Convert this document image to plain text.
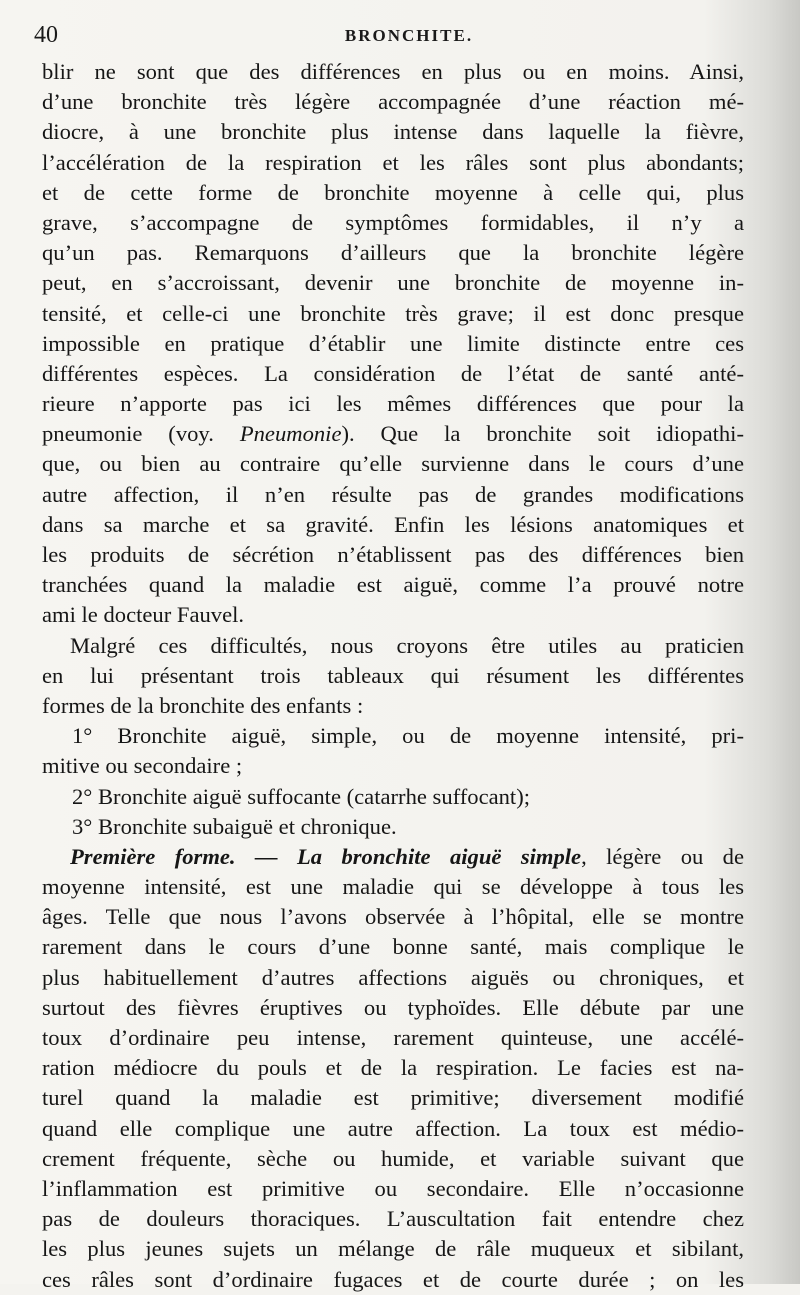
40	BRONCHITE.
blir ne sont que des différences en plus ou en moins. Ainsi,
d’une bronchite très légère accompagnée d’une réaction mé-
diocre, à une bronchite plus intense dans laquelle la fièvre,
l’accélération de la respiration et les râles sont plus abondants;
et de cette forme de bronchite moyenne à celle qui, plus
grave, s’accompagne de symptômes formidables, il n’y a
qu’un pas. Remarquons d’ailleurs que la bronchite légère
peut, en s’accroissant, devenir une bronchite de moyenne in-
tensité, et celle-ci une bronchite très grave; il est donc presque
impossible en pratique d’établir une limite distincte entre ces
différentes espèces. La considération de l’état de santé anté-
rieure n’apporte pas ici les mêmes différences que pour la
pneumonie (voy. Pneumonie). Que la bronchite soit idiopathi-
que, ou bien au contraire qu’elle survienne dans le cours d’une
autre affection, il n’en résulte pas de grandes modifications
dans sa marche et sa gravité. Enfin les lésions anatomiques et
les produits de sécrétion n’établissent pas des différences bien
tranchées quand la maladie est aiguë, comme l’a prouvé notre
ami le docteur Fauvel.
Malgré ces difficultés, nous croyons être utiles au praticien
en lui présentant trois tableaux qui résument les différentes
formes de la bronchite des enfants :
1° Bronchite aiguë, simple, ou de moyenne intensité, pri-
mitive ou secondaire ;
2° Bronchite aiguë suffocante (catarrhe suffocant);
3° Bronchite subaiguë et chronique.
Première forme. — La bronchite aiguë simple, légère ou de
moyenne intensité, est une maladie qui se développe à tous les
âges. Telle que nous l’avons observée à l’hôpital, elle se montre
rarement dans le cours d’une bonne santé, mais complique le
plus habituellement d’autres affections aiguës ou chroniques, et
surtout des fièvres éruptives ou typhoïdes. Elle débute par une
toux d’ordinaire peu intense, rarement quinteuse, une accélé-
ration médiocre du pouls et de la respiration. Le facies est na-
turel quand la maladie est primitive; diversement modifié
quand elle complique une autre affection. La toux est médio-
crement fréquente, sèche ou humide, et variable suivant que
l’inflammation est primitive ou secondaire. Elle n’occasionne
pas de douleurs thoraciques. L’auscultation fait entendre chez
les plus jeunes sujets un mélange de râle muqueux et sibilant,
ces râles sont d’ordinaire fugaces et de courte durée ; on les
